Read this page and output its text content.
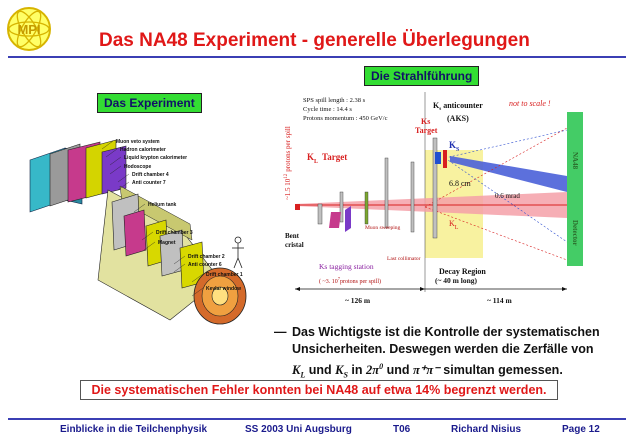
MPI
Das NA48 Experiment - generelle Überlegungen
Das Experiment
Die Strahlführung
Muon veto system
Hadron calorimeter
Liquid krypton calorimeter
Hodoscope
Drift chamber 4
Anti counter 7
Helium tank
Drift chamber 3
Magnet
Drift chamber 2
Anti counter 6
Drift chamber 1
Kevlar window
SPS spill length : 2.38 s
Cycle time : 14.4 s
Protons momentum : 450 GeV/c
~1.5 $10^{12}protons$ per spill $K_L$ Target
Ks
Target
$K_s$ anticounter
(AKS)
not to scale !
$K_S$
6.8 cm
0.6 mrad
$K_L$
NA48
Detector
Bent
cristal
Muon sweeping
Last collimator
Ks tagging station
( ~3. $10^7protons$ per spill)
Decay Region
(~ 40 m long)
~ 126 m	~ 114 m
— Das Wichtigste ist die Kontrolle der systematischen
Unsicherheiten. Deswegen werden die Zerfälle von
$K_L$ und $K_S$ in $2\pi^0$ und π⁺π⁻ simultan gemessen.
Die systematischen Fehler konnten bei NA48 auf etwa 14% begrenzt werden.
Einblicke in die Teilchenphysik	SS 2003 Uni Augsburg	T06	Richard Nisius	Page 12
